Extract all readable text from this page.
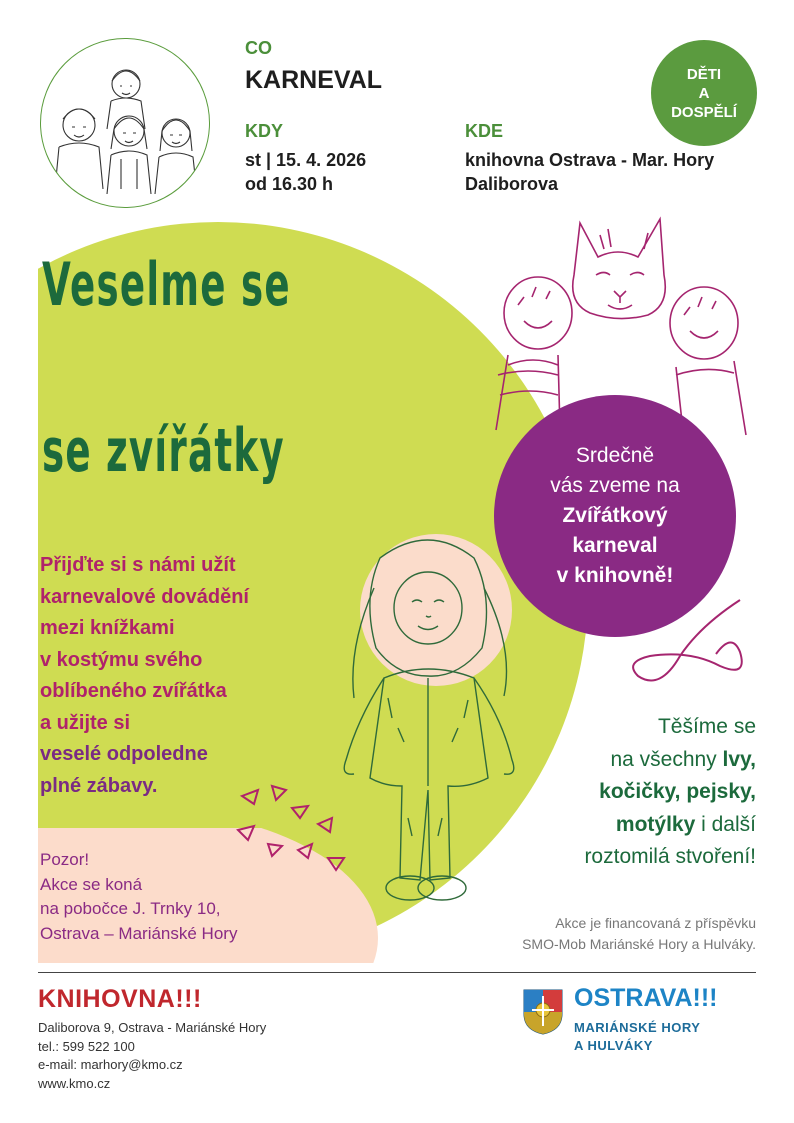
CO
KARNEVAL
KDY
st | 15. 4. 2026
od 16.30 h
KDE
knihovna Ostrava - Mar. Hory
Daliborova
DĚTI
A
DOSPĚLÍ
Veselme se
se zvířátky	Srdečně
vás zveme na
Zvířátkový
karneval
v knihovně!
Přijďte si s námi užít
karnevalové dovádění
mezi knížkami
v kostýmu svého
oblíbeného zvířátka
a užijte si
veselé odpoledne
plné zábavy.
Těšíme se
na všechny lvy,
kočičky, pejsky,
motýlky i další
roztomilá stvoření!
Pozor!
Akce se koná
na pobočce J. Trnky 10,
Ostrava – Mariánské Hory
Akce je financovaná z příspěvku
SMO-Mob Mariánské Hory a Hulváky.
KNIHOVNA!!!
Daliborova 9, Ostrava - Mariánské Hory
tel.: 599 522 100
e-mail: marhory@kmo.cz
www.kmo.cz
OSTRAVA!!!
MARIÁNSKÉ HORY
A HULVÁKY
